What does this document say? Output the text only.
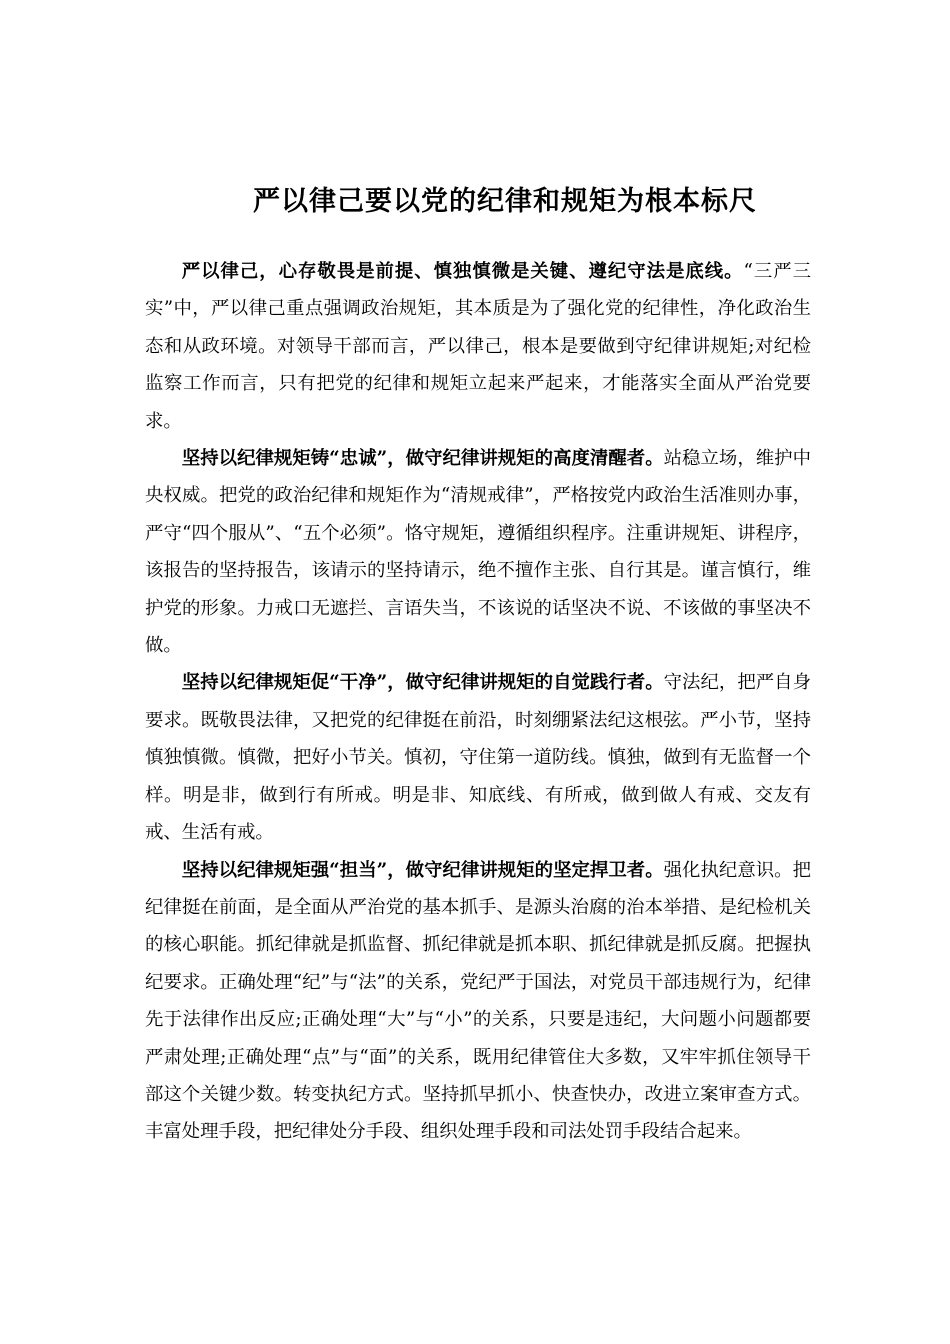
严以律己要以党的纪律和规矩为根本标尺

严以律己，心存敬畏是前提、慎独慎微是关键、遵纪守法是底线。“三严三实”中，严以律己重点强调政治规矩，其本质是为了强化党的纪律性，净化政治生态和从政环境。对领导干部而言，严以律己，根本是要做到守纪律讲规矩;对纪检监察工作而言，只有把党的纪律和规矩立起来严起来，才能落实全面从严治党要求。

坚持以纪律规矩铸“忠诚”，做守纪律讲规矩的高度清醒者。站稳立场，维护中央权威。把党的政治纪律和规矩作为“清规戒律”，严格按党内政治生活准则办事，严守“四个服从”、“五个必须”。恪守规矩，遵循组织程序。注重讲规矩、讲程序，该报告的坚持报告，该请示的坚持请示，绝不擅作主张、自行其是。谨言慎行，维护党的形象。力戒口无遮拦、言语失当，不该说的话坚决不说、不该做的事坚决不做。

坚持以纪律规矩促“干净”，做守纪律讲规矩的自觉践行者。守法纪，把严自身要求。既敬畏法律，又把党的纪律挺在前沿，时刻绷紧法纪这根弦。严小节，坚持慎独慎微。慎微，把好小节关。慎初，守住第一道防线。慎独，做到有无监督一个样。明是非，做到行有所戒。明是非、知底线、有所戒，做到做人有戒、交友有戒、生活有戒。

坚持以纪律规矩强“担当”，做守纪律讲规矩的坚定捍卫者。强化执纪意识。把纪律挺在前面，是全面从严治党的基本抓手、是源头治腐的治本举措、是纪检机关的核心职能。抓纪律就是抓监督、抓纪律就是抓本职、抓纪律就是抓反腐。把握执纪要求。正确处理“纪”与“法”的关系，党纪严于国法，对党员干部违规行为，纪律先于法律作出反应;正确处理“大”与“小”的关系，只要是违纪，大问题小问题都要严肃处理;正确处理“点”与“面”的关系，既用纪律管住大多数，又牢牢抓住领导干部这个关键少数。转变执纪方式。坚持抓早抓小、快查快办，改进立案审查方式。丰富处理手段，把纪律处分手段、组织处理手段和司法处罚手段结合起来。
